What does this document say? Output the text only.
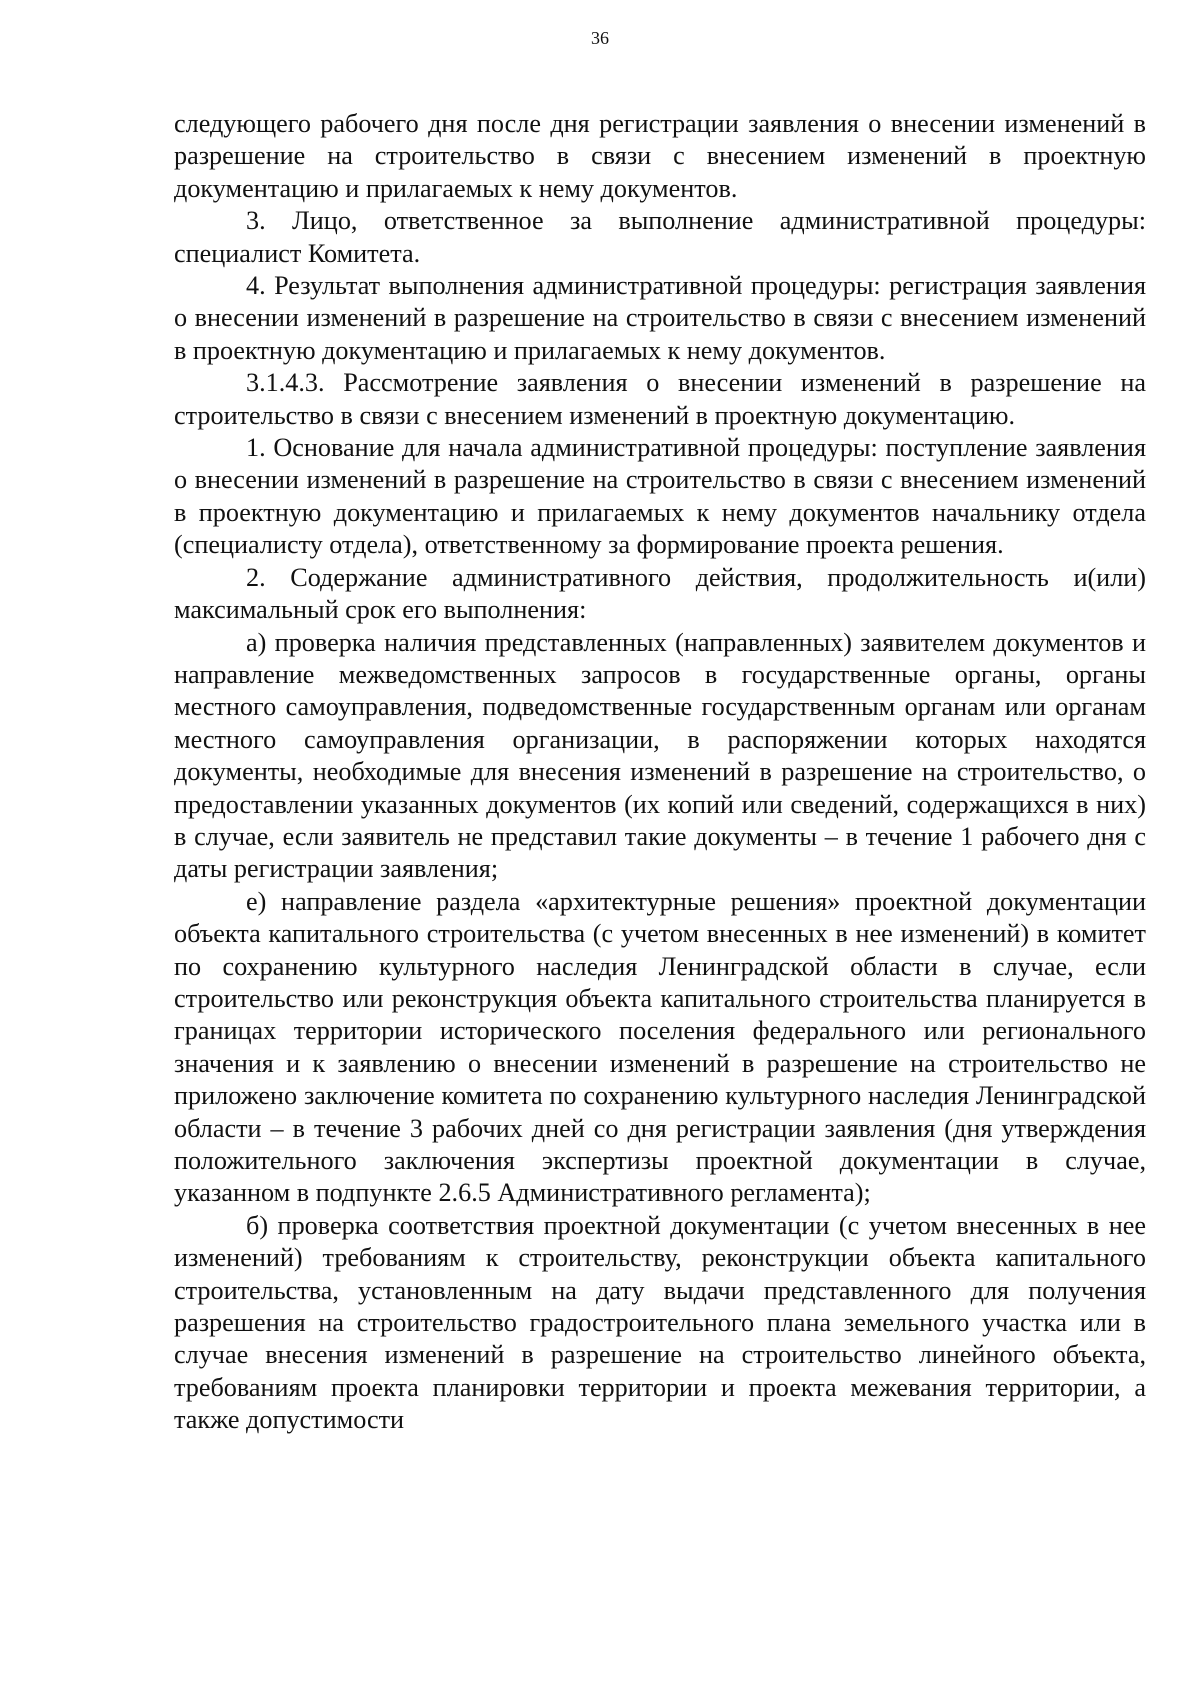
36

следующего рабочего дня после дня регистрации заявления о внесении изменений в разрешение на строительство в связи с внесением изменений в проектную документацию и прилагаемых к нему документов.

3. Лицо, ответственное за выполнение административной процедуры: специалист Комитета.

4. Результат выполнения административной процедуры: регистрация заявления о внесении изменений в разрешение на строительство в связи с внесением изменений в проектную документацию и прилагаемых к нему документов.

3.1.4.3. Рассмотрение заявления о внесении изменений в разрешение на строительство в связи с внесением изменений в проектную документацию.

1. Основание для начала административной процедуры: поступление заявления о внесении изменений в разрешение на строительство в связи с внесением изменений в проектную документацию и прилагаемых к нему документов начальнику отдела (специалисту отдела), ответственному за формирование проекта решения.

2. Содержание административного действия, продолжительность и(или) максимальный срок его выполнения:

а) проверка наличия представленных (направленных) заявителем документов и направление межведомственных запросов в государственные органы, органы местного самоуправления, подведомственные государственным органам или органам местного самоуправления организации, в распоряжении которых находятся документы, необходимые для внесения изменений в разрешение на строительство, о предоставлении указанных документов (их копий или сведений, содержащихся в них) в случае, если заявитель не представил такие документы – в течение 1 рабочего дня с даты регистрации заявления;

е) направление раздела «архитектурные решения» проектной документации объекта капитального строительства (с учетом внесенных в нее изменений) в комитет по сохранению культурного наследия Ленинградской области в случае, если строительство или реконструкция объекта капитального строительства планируется в границах территории исторического поселения федерального или регионального значения и к заявлению о внесении изменений в разрешение на строительство не приложено заключение комитета по сохранению культурного наследия Ленинградской области – в течение 3 рабочих дней со дня регистрации заявления (дня утверждения положительного заключения экспертизы проектной документации в случае, указанном в подпункте 2.6.5 Административного регламента);

б) проверка соответствия проектной документации (с учетом внесенных в нее изменений) требованиям к строительству, реконструкции объекта капитального строительства, установленным на дату выдачи представленного для получения разрешения на строительство градостроительного плана земельного участка или в случае внесения изменений в разрешение на строительство линейного объекта, требованиям проекта планировки территории и проекта межевания территории, а также допустимости
